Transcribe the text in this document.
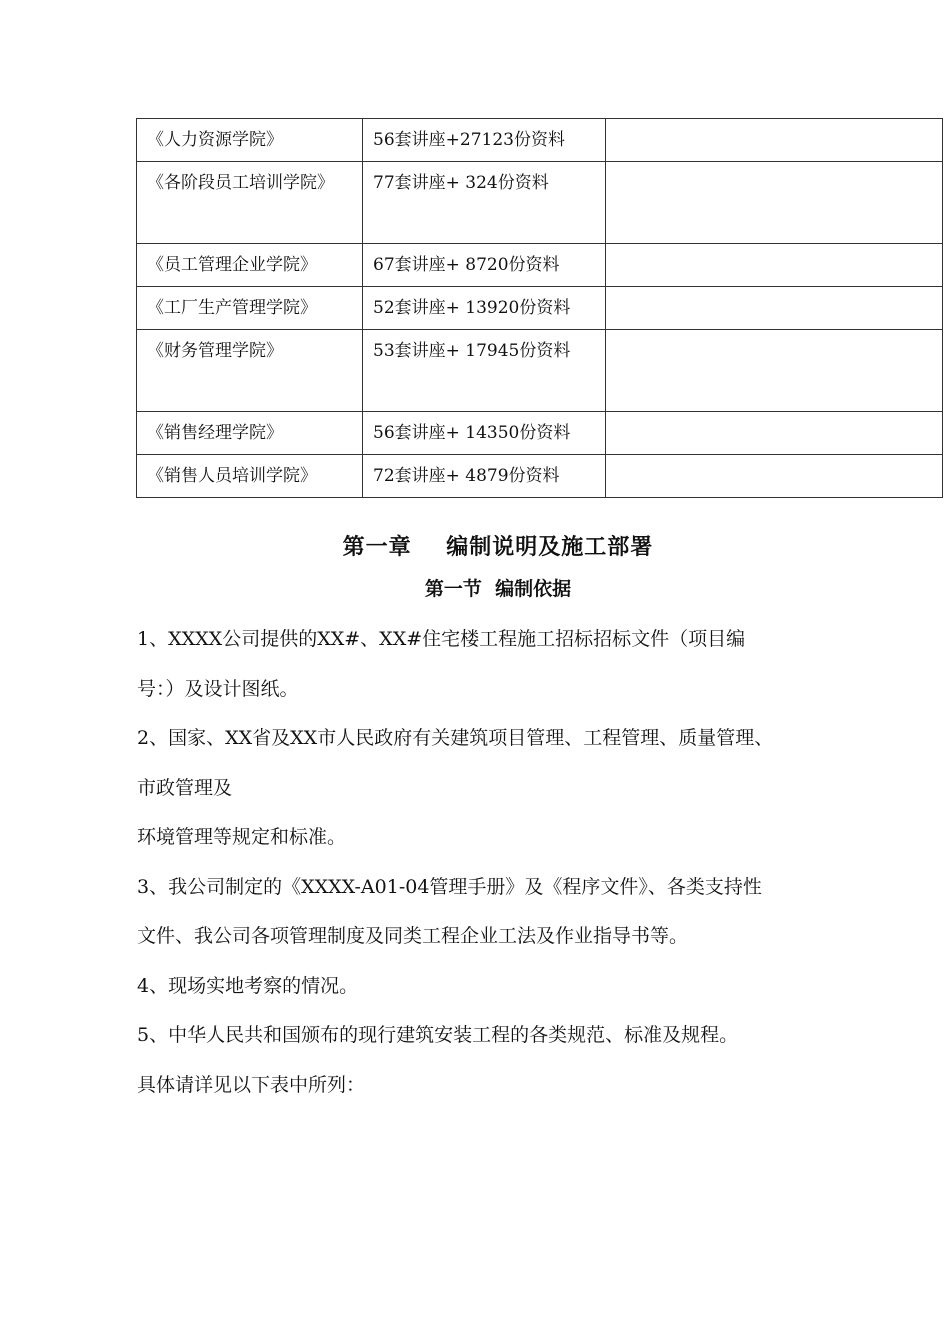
《人力资源学院》	56套讲座+27123份资料	

《各阶段员工培训学院》	77套讲座+ 324份资料	

《员工管理企业学院》	67套讲座+ 8720份资料	

《工厂生产管理学院》	52套讲座+ 13920份资料	

《财务管理学院》	53套讲座+ 17945份资料	

《销售经理学院》	56套讲座+ 14350份资料	

《销售人员培训学院》	72套讲座+ 4879份资料	

第一章    编制说明及施工部署
第一节  编制依据
1、XXXX公司提供的XX#、XX#住宅楼工程施工招标招标文件（项目编
号：）及设计图纸。
2、国家、XX省及XX市人民政府有关建筑项目管理、工程管理、质量管理、
市政管理及
环境管理等规定和标准。
3、我公司制定的《XXXX-A01-04管理手册》及《程序文件》、各类支持性
文件、我公司各项管理制度及同类工程企业工法及作业指导书等。
4、现场实地考察的情况。
5、中华人民共和国颁布的现行建筑安装工程的各类规范、标准及规程。
具体请详见以下表中所列：
